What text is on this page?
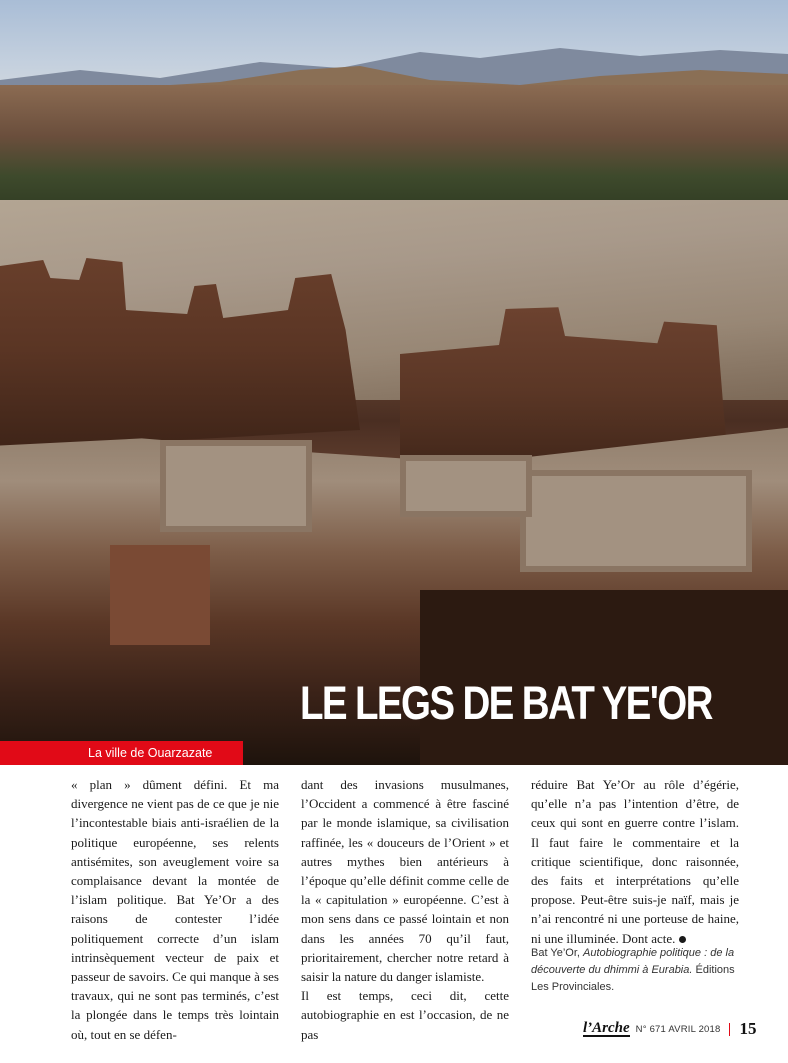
LE LEGS DE BAT YE'OR
La ville de Ouarzazate

« plan » dûment défini. Et ma divergence ne vient pas de ce que je nie l’incontestable biais anti-israélien de la politique européenne, ses relents antisémites, son aveuglement voire sa complaisance devant la montée de l’islam politique. Bat Ye’Or a des raisons de contester l’idée politiquement correcte d’un islam intrinsèquement vecteur de paix et passeur de savoirs. Ce qui manque à ses travaux, qui ne sont pas terminés, c’est la plongée dans le temps très lointain où, tout en se défen-

dant des invasions musulmanes, l’Occident a commencé à être fasciné par le monde islamique, sa civilisation raffinée, les « douceurs de l’Orient » et autres mythes bien antérieurs à l’époque qu’elle définit comme celle de la « capitulation » européenne. C’est à mon sens dans ce passé lointain et non dans les années 70 qu’il faut, prioritairement, chercher notre retard à saisir la nature du danger islamiste.

Il est temps, ceci dit, cette autobiographie en est l’occasion, de ne pas

réduire Bat Ye’Or au rôle d’égérie, qu’elle n’a pas l’intention d’être, de ceux qui sont en guerre contre l’islam. Il faut faire le commentaire et la critique scientifique, donc raisonnée, des faits et interprétations qu’elle propose. Peut-être suis-je naïf, mais je n’ai rencontré ni une porteuse de haine, ni une illuminée. Dont acte.

Bat Ye’Or, Autobiographie politique : de la découverte du dhimmi à Eurabia. Éditions Les Provinciales.

l’Arche N° 671 AVRIL 2018 15
